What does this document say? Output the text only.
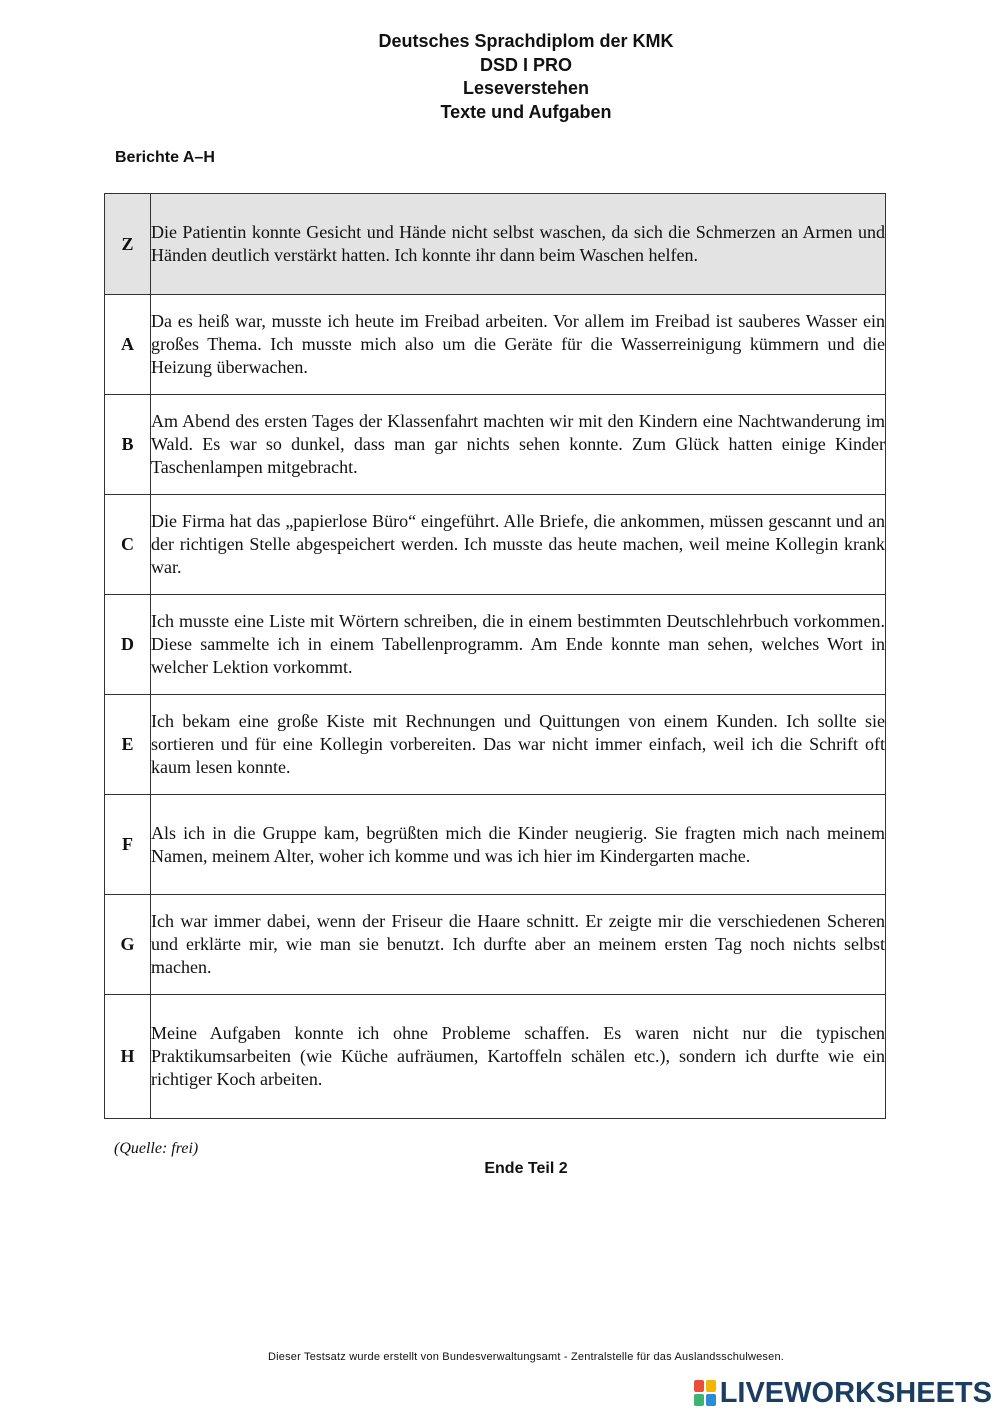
Deutsches Sprachdiplom der KMK
DSD I PRO
Leseverstehen
Texte und Aufgaben
Berichte A–H
Z	Die Patientin konnte Gesicht und Hände nicht selbst waschen, da sich die Schmerzen an Armen und Händen deutlich verstärkt hatten. Ich konnte ihr dann beim Waschen helfen.
A	Da es heiß war, musste ich heute im Freibad arbeiten. Vor allem im Freibad ist sauberes Wasser ein großes Thema. Ich musste mich also um die Geräte für die Wasserreinigung kümmern und die Heizung überwachen.
B	Am Abend des ersten Tages der Klassenfahrt machten wir mit den Kindern eine Nachtwanderung im Wald. Es war so dunkel, dass man gar nichts sehen konnte. Zum Glück hatten einige Kinder Taschenlampen mitgebracht.
C	Die Firma hat das „papierlose Büro“ eingeführt. Alle Briefe, die ankommen, müssen gescannt und an der richtigen Stelle abgespeichert werden. Ich musste das heute machen, weil meine Kollegin krank war.
D	Ich musste eine Liste mit Wörtern schreiben, die in einem bestimmten Deutschlehrbuch vorkommen. Diese sammelte ich in einem Tabellenprogramm. Am Ende konnte man sehen, welches Wort in welcher Lektion vorkommt.
E	Ich bekam eine große Kiste mit Rechnungen und Quittungen von einem Kunden. Ich sollte sie sortieren und für eine Kollegin vorbereiten. Das war nicht immer einfach, weil ich die Schrift oft kaum lesen konnte.
F	Als ich in die Gruppe kam, begrüßten mich die Kinder neugierig. Sie fragten mich nach meinem Namen, meinem Alter, woher ich komme und was ich hier im Kindergarten mache.
G	Ich war immer dabei, wenn der Friseur die Haare schnitt. Er zeigte mir die verschiedenen Scheren und erklärte mir, wie man sie benutzt. Ich durfte aber an meinem ersten Tag noch nichts selbst machen.
H	Meine Aufgaben konnte ich ohne Probleme schaffen. Es waren nicht nur die typischen Praktikumsarbeiten (wie Küche aufräumen, Kartoffeln schälen etc.), sondern ich durfte wie ein richtiger Koch arbeiten.
(Quelle: frei)
Ende Teil 2
Dieser Testsatz wurde erstellt von Bundesverwaltungsamt - Zentralstelle für das Auslandsschulwesen.
LIVEWORKSHEETS
